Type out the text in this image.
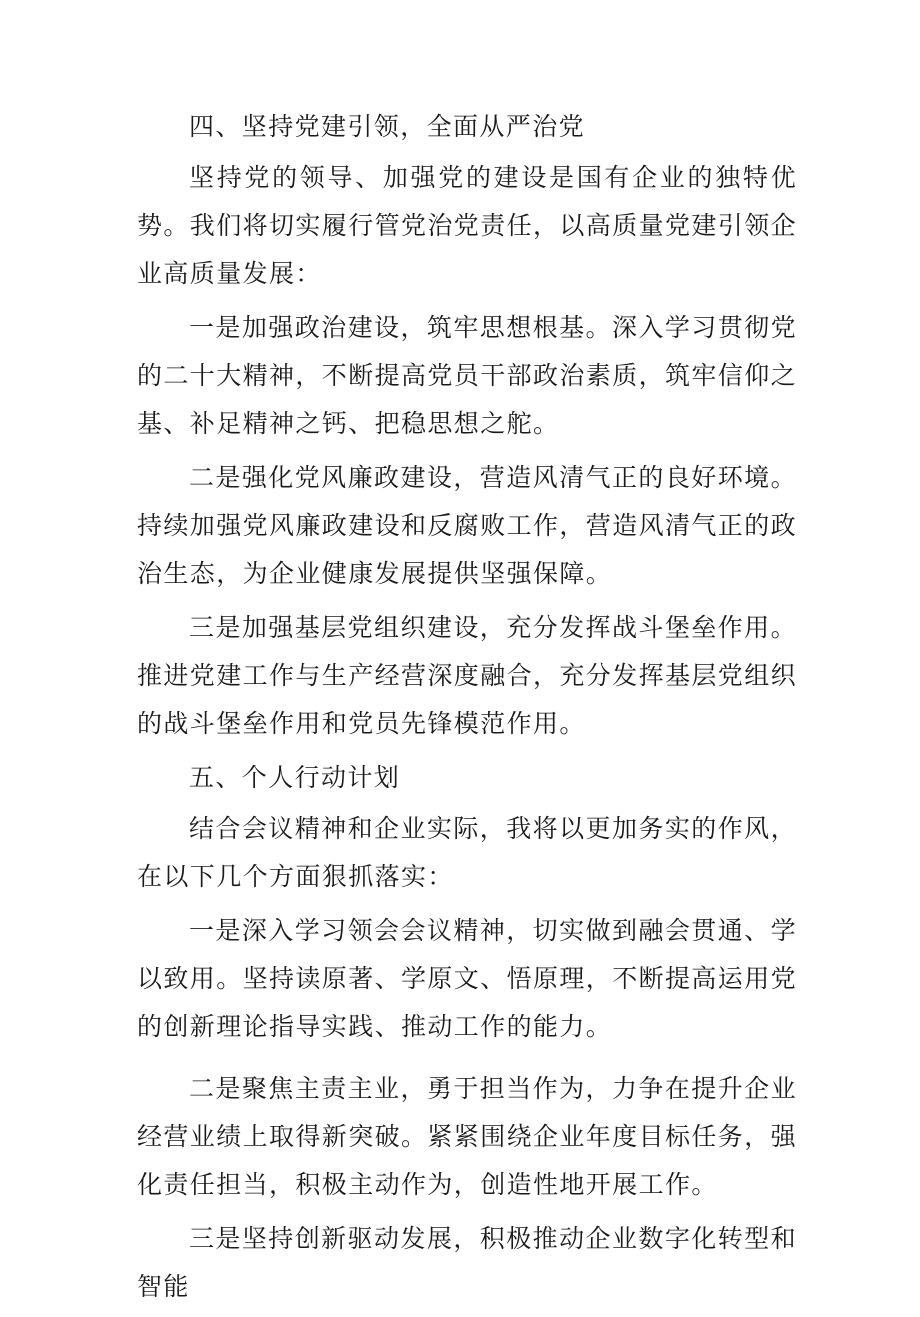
四、坚持党建引领，全面从严治党

坚持党的领导、加强党的建设是国有企业的独特优势。我们将切实履行管党治党责任，以高质量党建引领企业高质量发展：

一是加强政治建设，筑牢思想根基。深入学习贯彻党的二十大精神，不断提高党员干部政治素质，筑牢信仰之基、补足精神之钙、把稳思想之舵。

二是强化党风廉政建设，营造风清气正的良好环境。持续加强党风廉政建设和反腐败工作，营造风清气正的政治生态，为企业健康发展提供坚强保障。

三是加强基层党组织建设，充分发挥战斗堡垒作用。推进党建工作与生产经营深度融合，充分发挥基层党组织的战斗堡垒作用和党员先锋模范作用。

五、个人行动计划

结合会议精神和企业实际，我将以更加务实的作风，在以下几个方面狠抓落实：

一是深入学习领会会议精神，切实做到融会贯通、学以致用。坚持读原著、学原文、悟原理，不断提高运用党的创新理论指导实践、推动工作的能力。

二是聚焦主责主业，勇于担当作为，力争在提升企业经营业绩上取得新突破。紧紧围绕企业年度目标任务，强化责任担当，积极主动作为，创造性地开展工作。

三是坚持创新驱动发展，积极推动企业数字化转型和智能
